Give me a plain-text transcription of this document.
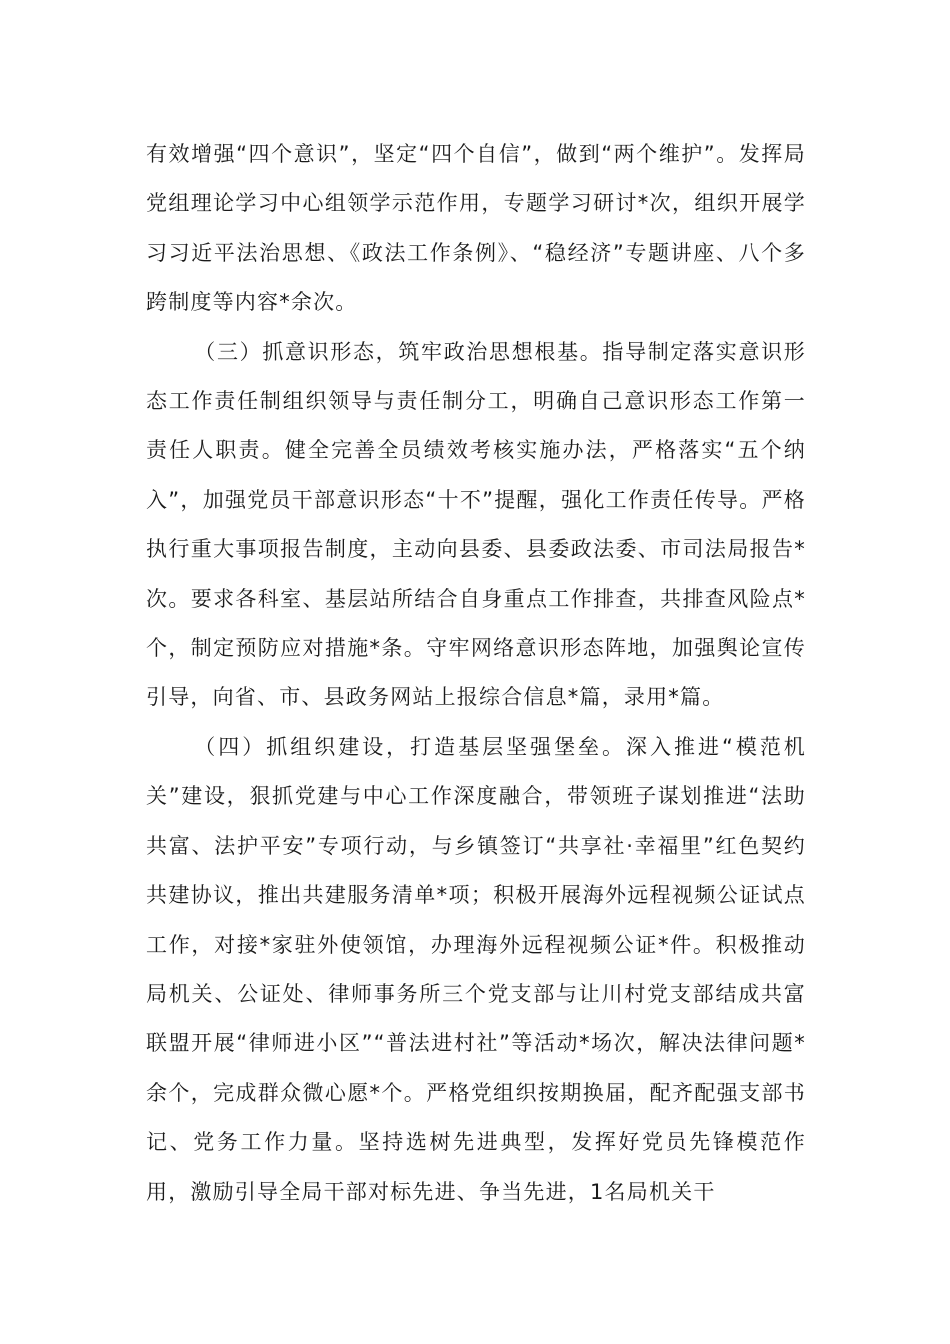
有效增强“四个意识”，坚定“四个自信”，做到“两个维护”。发挥局党组理论学习中心组领学示范作用，专题学习研讨*次，组织开展学习习近平法治思想、《政法工作条例》、“稳经济”专题讲座、八个多跨制度等内容*余次。

（三）抓意识形态，筑牢政治思想根基。指导制定落实意识形态工作责任制组织领导与责任制分工，明确自己意识形态工作第一责任人职责。健全完善全员绩效考核实施办法，严格落实“五个纳入”，加强党员干部意识形态“十不”提醒，强化工作责任传导。严格执行重大事项报告制度，主动向县委、县委政法委、市司法局报告*次。要求各科室、基层站所结合自身重点工作排查，共排查风险点*个，制定预防应对措施*条。守牢网络意识形态阵地，加强舆论宣传引导，向省、市、县政务网站上报综合信息*篇，录用*篇。

（四）抓组织建设，打造基层坚强堡垒。深入推进“模范机关”建设，狠抓党建与中心工作深度融合，带领班子谋划推进“法助共富、法护平安”专项行动，与乡镇签订“共享社·幸福里”红色契约共建协议，推出共建服务清单*项；积极开展海外远程视频公证试点工作，对接*家驻外使领馆，办理海外远程视频公证*件。积极推动局机关、公证处、律师事务所三个党支部与让川村党支部结成共富联盟开展“律师进小区”“普法进村社”等活动*场次，解决法律问题*余个，完成群众微心愿*个。严格党组织按期换届，配齐配强支部书记、党务工作力量。坚持选树先进典型，发挥好党员先锋模范作用，激励引导全局干部对标先进、争当先进，1名局机关干
